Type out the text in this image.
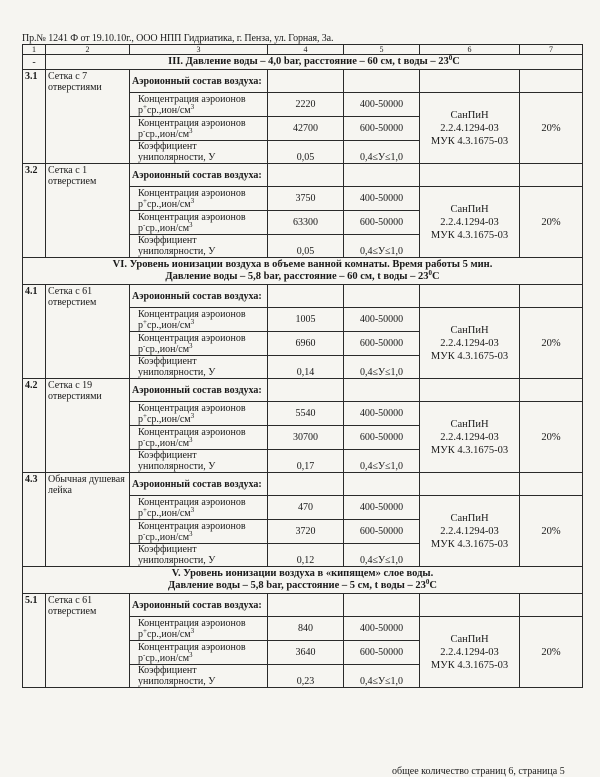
Пр.№ 1241 Ф от 19.10.10г., ООО НПП Гидриатика, г. Пенза, ул. Горная, 3а.
1	2	3	4	5	6	7
-	III. Давление воды – 4,0 bar, расстояние – 60 см, t воды – $23^0С$					
3.1	Сетка с 7 отверстиями	Аэроионный состав воздуха:				
		Концентрация аэроионов
$р^+ср.,ион/см^3$	2220	400-50000	СанПиН
2.2.4.1294-03
МУК 4.3.1675-03	20%
		Концентрация аэроионов
$р^-ср.,ион/см^3$	42700	600-50000		
		Коэффициент униполярности, У	0,05	0,4≤У≤1,0		
3.2	Сетка с 1 отверстием	Аэроионный состав воздуха:				
		Концентрация аэроионов
$р^+ср.,ион/см^3$	3750	400-50000	СанПиН
2.2.4.1294-03
МУК 4.3.1675-03	20%
		Концентрация аэроионов
$р^-ср.,ион/см^3$	63300	600-50000		
		Коэффициент униполярности, У	0,05	0,4≤У≤1,0		
VI. Уровень ионизации воздуха в объеме ванной комнаты. Время работы 5 мин.
Давление воды – 5,8 bar, расстояние – 60 см, t воды – $23^0С$						
4.1	Сетка с 61 отверстием	Аэроионный состав воздуха:				
		Концентрация аэроионов
$р^+ср.,ион/см^3$	1005	400-50000	СанПиН
2.2.4.1294-03
МУК 4.3.1675-03	20%
		Концентрация аэроионов
$р^-ср.,ион/см^3$	6960	600-50000		
		Коэффициент униполярности, У	0,14	0,4≤У≤1,0		
4.2	Сетка с 19 отверстиями	Аэроионный состав воздуха:				
		Концентрация аэроионов
$р^+ср.,ион/см^3$	5540	400-50000	СанПиН
2.2.4.1294-03
МУК 4.3.1675-03	20%
		Концентрация аэроионов
$р^-ср.,ион/см^3$	30700	600-50000		
		Коэффициент униполярности, У	0,17	0,4≤У≤1,0		
4.3	Обычная душевая лейка	Аэроионный состав воздуха:				
		Концентрация аэроионов
$р^+ср.,ион/см^3$	470	400-50000	СанПиН
2.2.4.1294-03
МУК 4.3.1675-03	20%
		Концентрация аэроионов
$р^-ср.,ион/см^3$	3720	600-50000		
		Коэффициент униполярности, У	0,12	0,4≤У≤1,0		
V. Уровень ионизации воздуха в «кипящем» слое воды.
Давление воды – 5,8 bar, расстояние – 5 см, t воды – $23^0С$						
5.1	Сетка с 61 отверстием	Аэроионный состав воздуха:				
		Концентрация аэроионов
$р^+ср.,ион/см^3$	840	400-50000	СанПиН
2.2.4.1294-03
МУК 4.3.1675-03	20%
		Концентрация аэроионов
$р^-ср.,ион/см^3$	3640	600-50000		
		Коэффициент униполярности, У	0,23	0,4≤У≤1,0		
общее количество страниц 6, страница 5
